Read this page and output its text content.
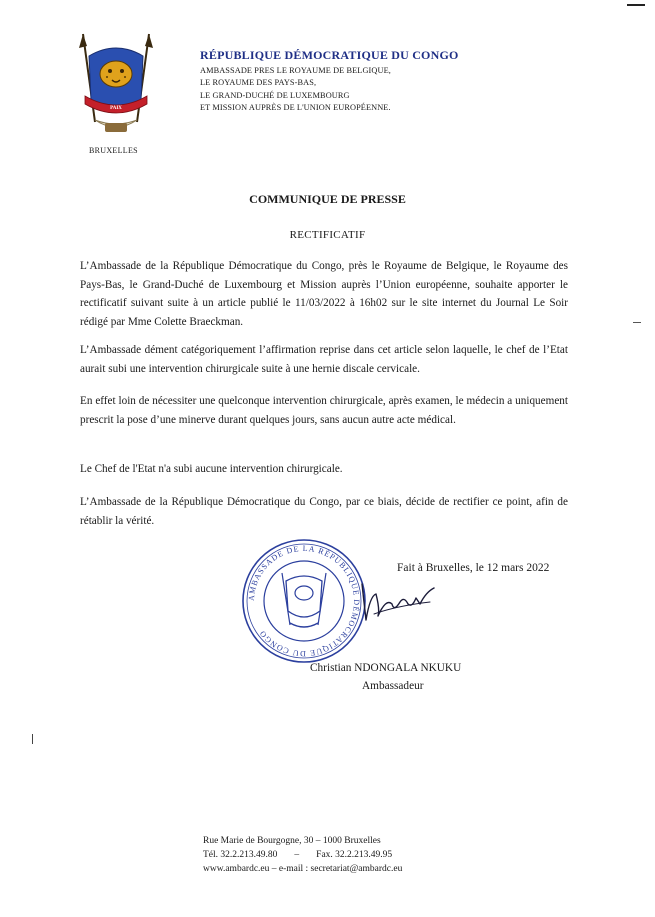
PAIX
BRUXELLES
RÉPUBLIQUE DÉMOCRATIQUE DU CONGO
AMBASSADE PRES LE ROYAUME DE BELGIQUE,
LE ROYAUME DES PAYS-BAS,
LE GRAND-DUCHÉ DE LUXEMBOURG
ET MISSION AUPRÈS DE L'UNION EUROPÉENNE.
COMMUNIQUE DE PRESSE
RECTIFICATIF
L’Ambassade de la République Démocratique du Congo, près le Royaume de Belgique, le Royaume des Pays-Bas, le Grand-Duché de Luxembourg et Mission auprès l’Union européenne, souhaite apporter le rectificatif suivant suite à un article publié le 11/03/2022 à 16h02 sur le site internet du Journal Le Soir rédigé par Mme Colette Braeckman.
L’Ambassade dément catégoriquement l’affirmation reprise dans cet article selon laquelle, le chef de l’Etat aurait subi une intervention chirurgicale suite à une hernie discale cervicale.
En effet loin de nécessiter une quelconque intervention chirurgicale, après examen, le médecin a uniquement prescrit la pose d’une minerve durant quelques jours, sans aucun autre acte médical.
Le Chef de l'Etat n'a subi aucune intervention chirurgicale.
L’Ambassade de la République Démocratique du Congo, par ce biais, décide de rectifier ce point, afin de rétablir la vérité.
AMBASSADE DE LA RÉPUBLIQUE DÉMOCRATIQUE DU CONGO
Fait à Bruxelles, le 12 mars 2022
Christian NDONGALA NKUKU
Ambassadeur
Rue Marie de Bourgogne, 30 – 1000 Bruxelles
Tél. 32.2.213.49.80 – Fax. 32.2.213.49.95
www.ambardc.eu – e-mail : secretariat@ambardc.eu
